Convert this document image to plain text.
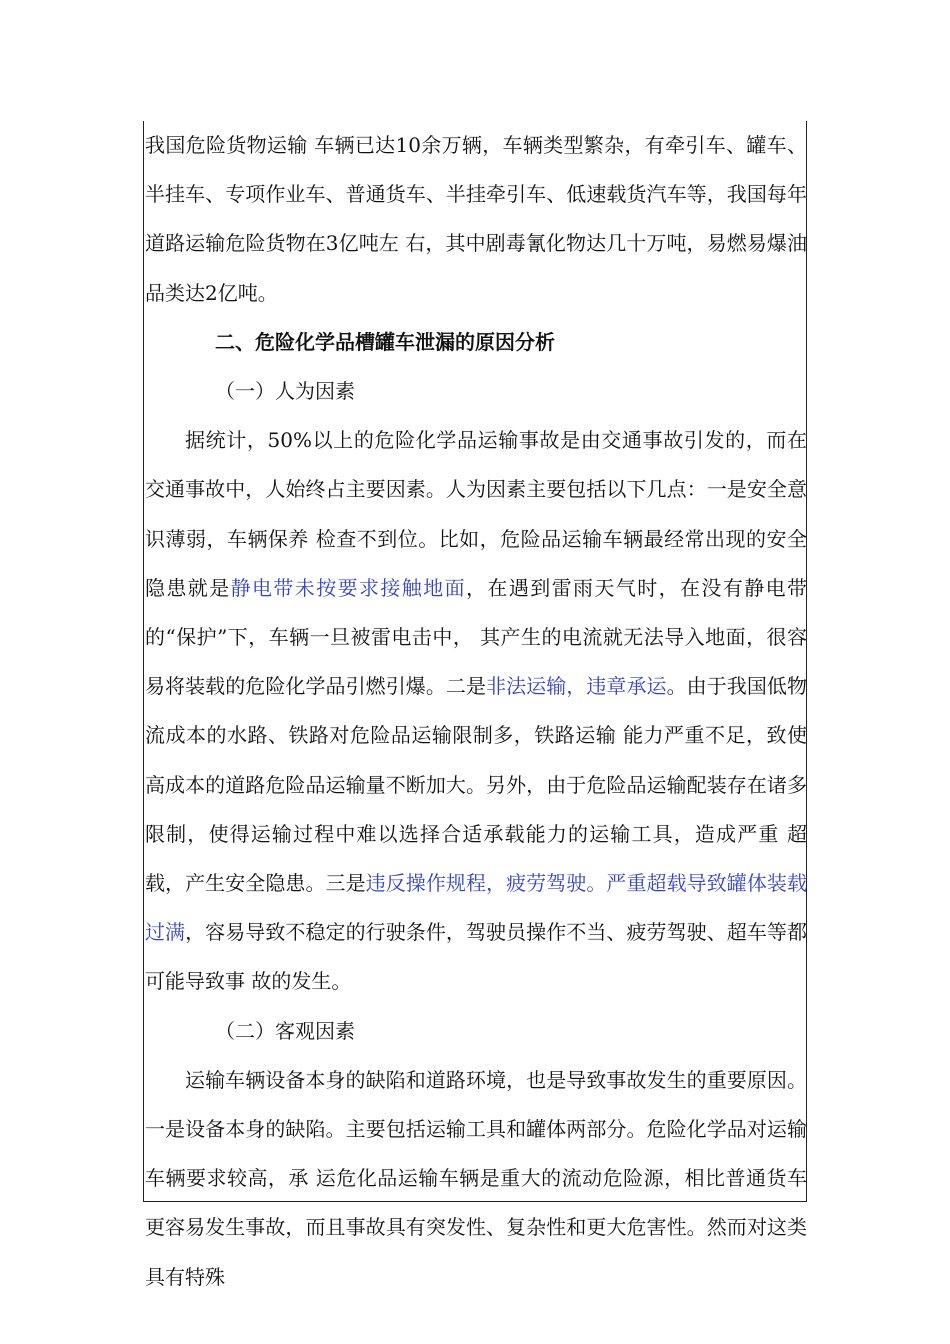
我国危险货物运输 车辆已达10余万辆，车辆类型繁杂，有牵引车、罐车、半挂车、专项作业车、普通货车、半挂牵引车、低速载货汽车等，我国每年道路运输危险货物在3亿吨左 右，其中剧毒氰化物达几十万吨，易燃易爆油品类达2亿吨。

二、危险化学品槽罐车泄漏的原因分析

（一）人为因素

据统计，50%以上的危险化学品运输事故是由交通事故引发的，而在交通事故中，人始终占主要因素。人为因素主要包括以下几点：一是安全意识薄弱，车辆保养 检查不到位。比如，危险品运输车辆最经常出现的安全隐患就是静电带未按要求接触地面，在遇到雷雨天气时，在没有静电带的“保护”下，车辆一旦被雷电击中， 其产生的电流就无法导入地面，很容易将装载的危险化学品引燃引爆。二是非法运输，违章承运。由于我国低物流成本的水路、铁路对危险品运输限制多，铁路运输 能力严重不足，致使高成本的道路危险品运输量不断加大。另外，由于危险品运输配装存在诸多限制，使得运输过程中难以选择合适承载能力的运输工具，造成严重 超载，产生安全隐患。三是违反操作规程，疲劳驾驶。严重超载导致罐体装载过满，容易导致不稳定的行驶条件，驾驶员操作不当、疲劳驾驶、超车等都可能导致事 故的发生。

（二）客观因素

运输车辆设备本身的缺陷和道路环境，也是导致事故发生的重要原因。一是设备本身的缺陷。主要包括运输工具和罐体两部分。危险化学品对运输车辆要求较高，承 运危化品运输车辆是重大的流动危险源，相比普通货车更容易发生事故，而且事故具有突发性、复杂性和更大危害性。然而对这类具有特殊
